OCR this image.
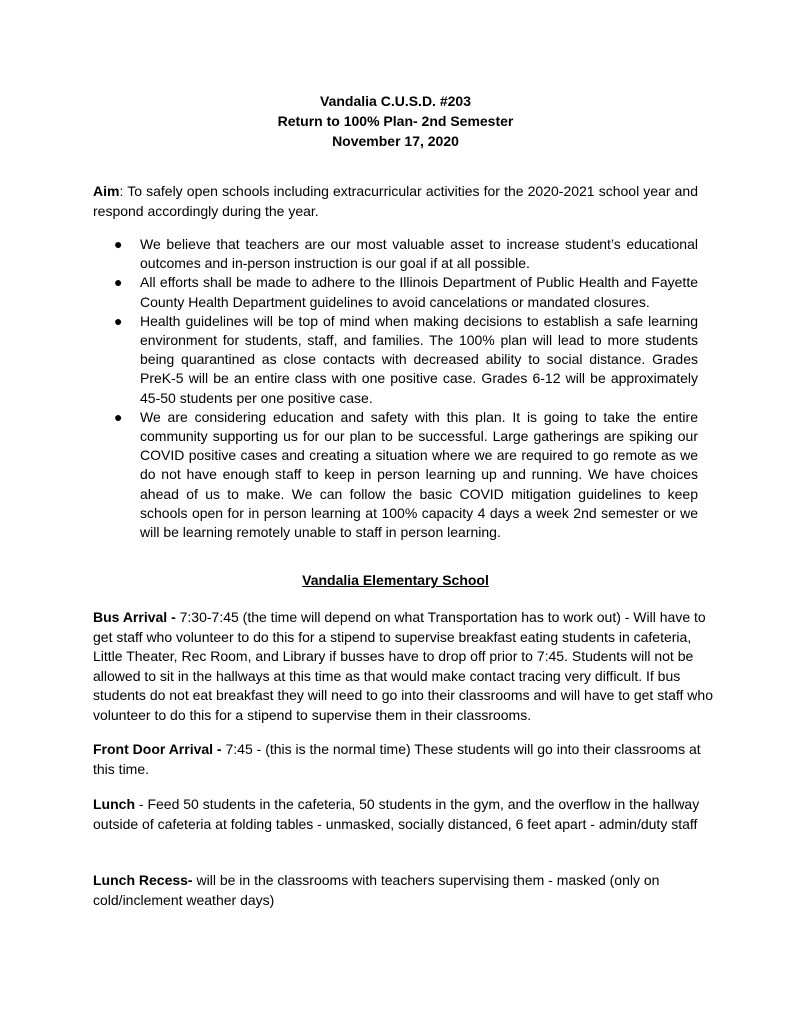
Vandalia C.U.S.D. #203
Return to 100% Plan- 2nd Semester
November 17, 2020
Aim: To safely open schools including extracurricular activities for the 2020-2021 school year and respond accordingly during the year.
● We believe that teachers are our most valuable asset to increase student’s educational outcomes and in-person instruction is our goal if at all possible.
● All efforts shall be made to adhere to the Illinois Department of Public Health and Fayette County Health Department guidelines to avoid cancelations or mandated closures.
● Health guidelines will be top of mind when making decisions to establish a safe learning environment for students, staff, and families. The 100% plan will lead to more students being quarantined as close contacts with decreased ability to social distance. Grades PreK-5 will be an entire class with one positive case. Grades 6-12 will be approximately 45-50 students per one positive case.
● We are considering education and safety with this plan. It is going to take the entire community supporting us for our plan to be successful. Large gatherings are spiking our COVID positive cases and creating a situation where we are required to go remote as we do not have enough staff to keep in person learning up and running. We have choices ahead of us to make. We can follow the basic COVID mitigation guidelines to keep schools open for in person learning at 100% capacity 4 days a week 2nd semester or we will be learning remotely unable to staff in person learning.
Vandalia Elementary School
Bus Arrival - 7:30-7:45 (the time will depend on what Transportation has to work out) - Will have to get staff who volunteer to do this for a stipend to supervise breakfast eating students in cafeteria, Little Theater, Rec Room, and Library if busses have to drop off prior to 7:45. Students will not be allowed to sit in the hallways at this time as that would make contact tracing very difficult. If bus students do not eat breakfast they will need to go into their classrooms and will have to get staff who volunteer to do this for a stipend to supervise them in their classrooms.
Front Door Arrival - 7:45 - (this is the normal time) These students will go into their classrooms at this time.
Lunch - Feed 50 students in the cafeteria, 50 students in the gym, and the overflow in the hallway outside of cafeteria at folding tables - unmasked, socially distanced, 6 feet apart - admin/duty staff
Lunch Recess- will be in the classrooms with teachers supervising them - masked (only on cold/inclement weather days)
